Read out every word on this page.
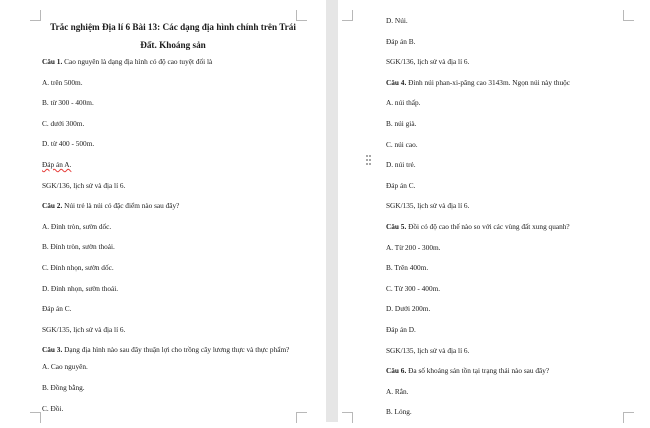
Trắc nghiệm Địa lí 6 Bài 13: Các dạng địa hình chính trên Trái Đất. Khoáng sản
Câu 1. Cao nguyên là dạng địa hình có độ cao tuyệt đối là
A. trên 500m.
B. từ 300 - 400m.
C. dưới 300m.
D. từ 400 - 500m.
Đáp án A.
SGK/136, lịch sử và địa lí 6.
Câu 2. Núi trẻ là núi có đặc điểm nào sau đây?
A. Đỉnh tròn, sườn dốc.
B. Đỉnh tròn, sườn thoải.
C. Đỉnh nhọn, sườn dốc.
D. Đỉnh nhọn, sườn thoải.
Đáp án C.
SGK/135, lịch sử và địa lí 6.
Câu 3. Dạng địa hình nào sau đây thuận lợi cho trồng cây lương thực và thực phẩm?
A. Cao nguyên.
B. Đồng bằng.
C. Đồi.
D. Núi.
Đáp án B.
SGK/136, lịch sử và địa lí 6.
Câu 4. Đỉnh núi phan-xi-păng cao 3143m. Ngọn núi này thuộc
A. núi thấp.
B. núi già.
C. núi cao.
D. núi trẻ.
Đáp án C.
SGK/135, lịch sử và địa lí 6.
Câu 5. Đồi có độ cao thế nào so với các vùng đất xung quanh?
A. Từ 200 - 300m.
B. Trên 400m.
C. Từ 300 - 400m.
D. Dưới 200m.
Đáp án D.
SGK/135, lịch sử và địa lí 6.
Câu 6. Đa số khoáng sản tồn tại trạng thái nào sau đây?
A. Rắn.
B. Lỏng.
